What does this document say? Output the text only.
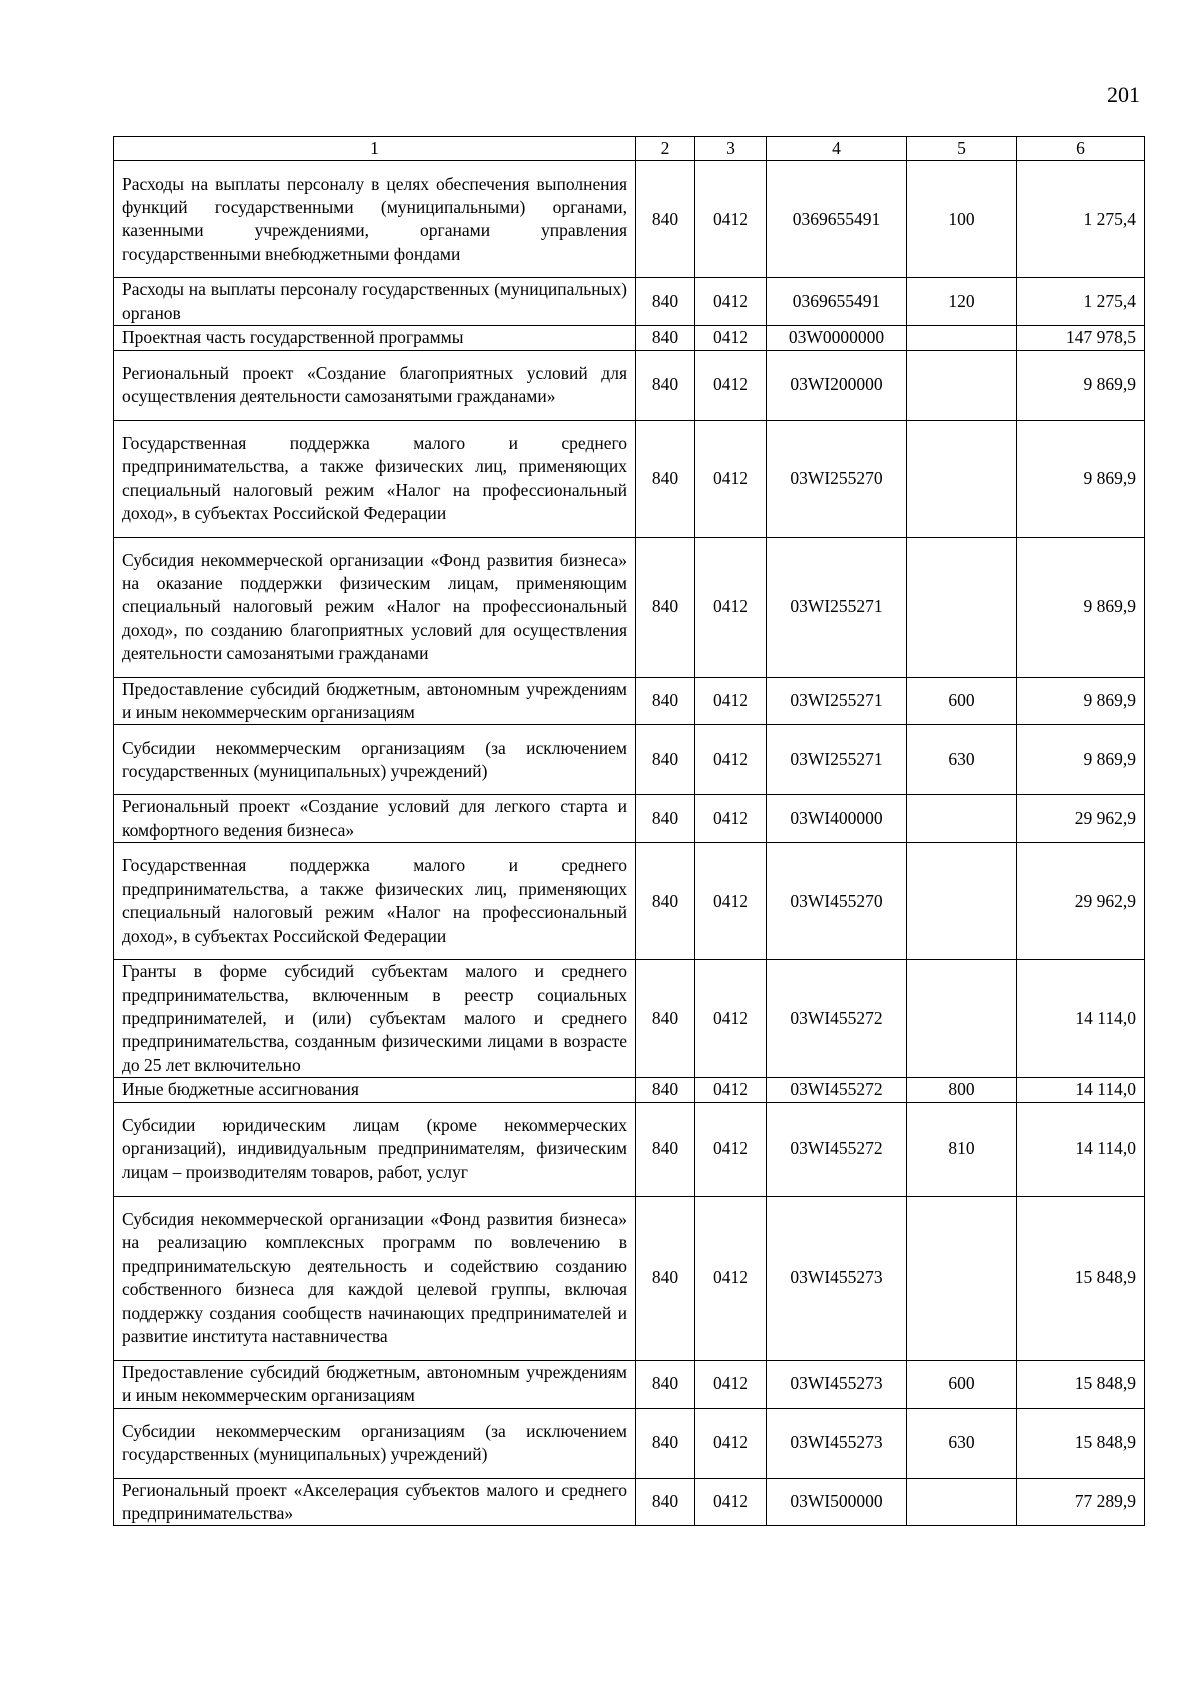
201
1	2	3	4	5	6
Расходы на выплаты персоналу в целях обеспечения выполнения функций государственными (муниципальными) органами, казенными учреждениями, органами управления государственными внебюджетными фондами	840	0412	0369655491	100	1 275,4
Расходы на выплаты персоналу государственных (муниципальных) органов	840	0412	0369655491	120	1 275,4
Проектная часть государственной программы	840	0412	03W0000000		147 978,5
Региональный проект «Создание благоприятных условий для осуществления деятельности самозанятыми гражданами»	840	0412	03WI200000		9 869,9
Государственная поддержка малого и среднего предпринимательства, а также физических лиц, применяющих специальный налоговый режим «Налог на профессиональный доход», в субъектах Российской Федерации	840	0412	03WI255270		9 869,9
Субсидия некоммерческой организации «Фонд развития бизнеса» на оказание поддержки физическим лицам, применяющим специальный налоговый режим «Налог на профессиональный доход», по созданию благоприятных условий для осуществления деятельности самозанятыми гражданами	840	0412	03WI255271		9 869,9
Предоставление субсидий бюджетным, автономным учреждениям и иным некоммерческим организациям	840	0412	03WI255271	600	9 869,9
Субсидии некоммерческим организациям (за исключением государственных (муниципальных) учреждений)	840	0412	03WI255271	630	9 869,9
Региональный проект «Создание условий для легкого старта и комфортного ведения бизнеса»	840	0412	03WI400000		29 962,9
Государственная поддержка малого и среднего предпринимательства, а также физических лиц, применяющих специальный налоговый режим «Налог на профессиональный доход», в субъектах Российской Федерации	840	0412	03WI455270		29 962,9
Гранты в форме субсидий субъектам малого и среднего предпринимательства, включенным в реестр социальных предпринимателей, и (или) субъектам малого и среднего предпринимательства, созданным физическими лицами в возрасте до 25 лет включительно	840	0412	03WI455272		14 114,0
Иные бюджетные ассигнования	840	0412	03WI455272	800	14 114,0
Субсидии юридическим лицам (кроме некоммерческих организаций), индивидуальным предпринимателям, физическим лицам – производителям товаров, работ, услуг	840	0412	03WI455272	810	14 114,0
Субсидия некоммерческой организации «Фонд развития бизнеса» на реализацию комплексных программ по вовлечению в предпринимательскую деятельность и содействию созданию собственного бизнеса для каждой целевой группы, включая поддержку создания сообществ начинающих предпринимателей и развитие института наставничества	840	0412	03WI455273		15 848,9
Предоставление субсидий бюджетным, автономным учреждениям и иным некоммерческим организациям	840	0412	03WI455273	600	15 848,9
Субсидии некоммерческим организациям (за исключением государственных (муниципальных) учреждений)	840	0412	03WI455273	630	15 848,9
Региональный проект «Акселерация субъектов малого и среднего предпринимательства»	840	0412	03WI500000		77 289,9
